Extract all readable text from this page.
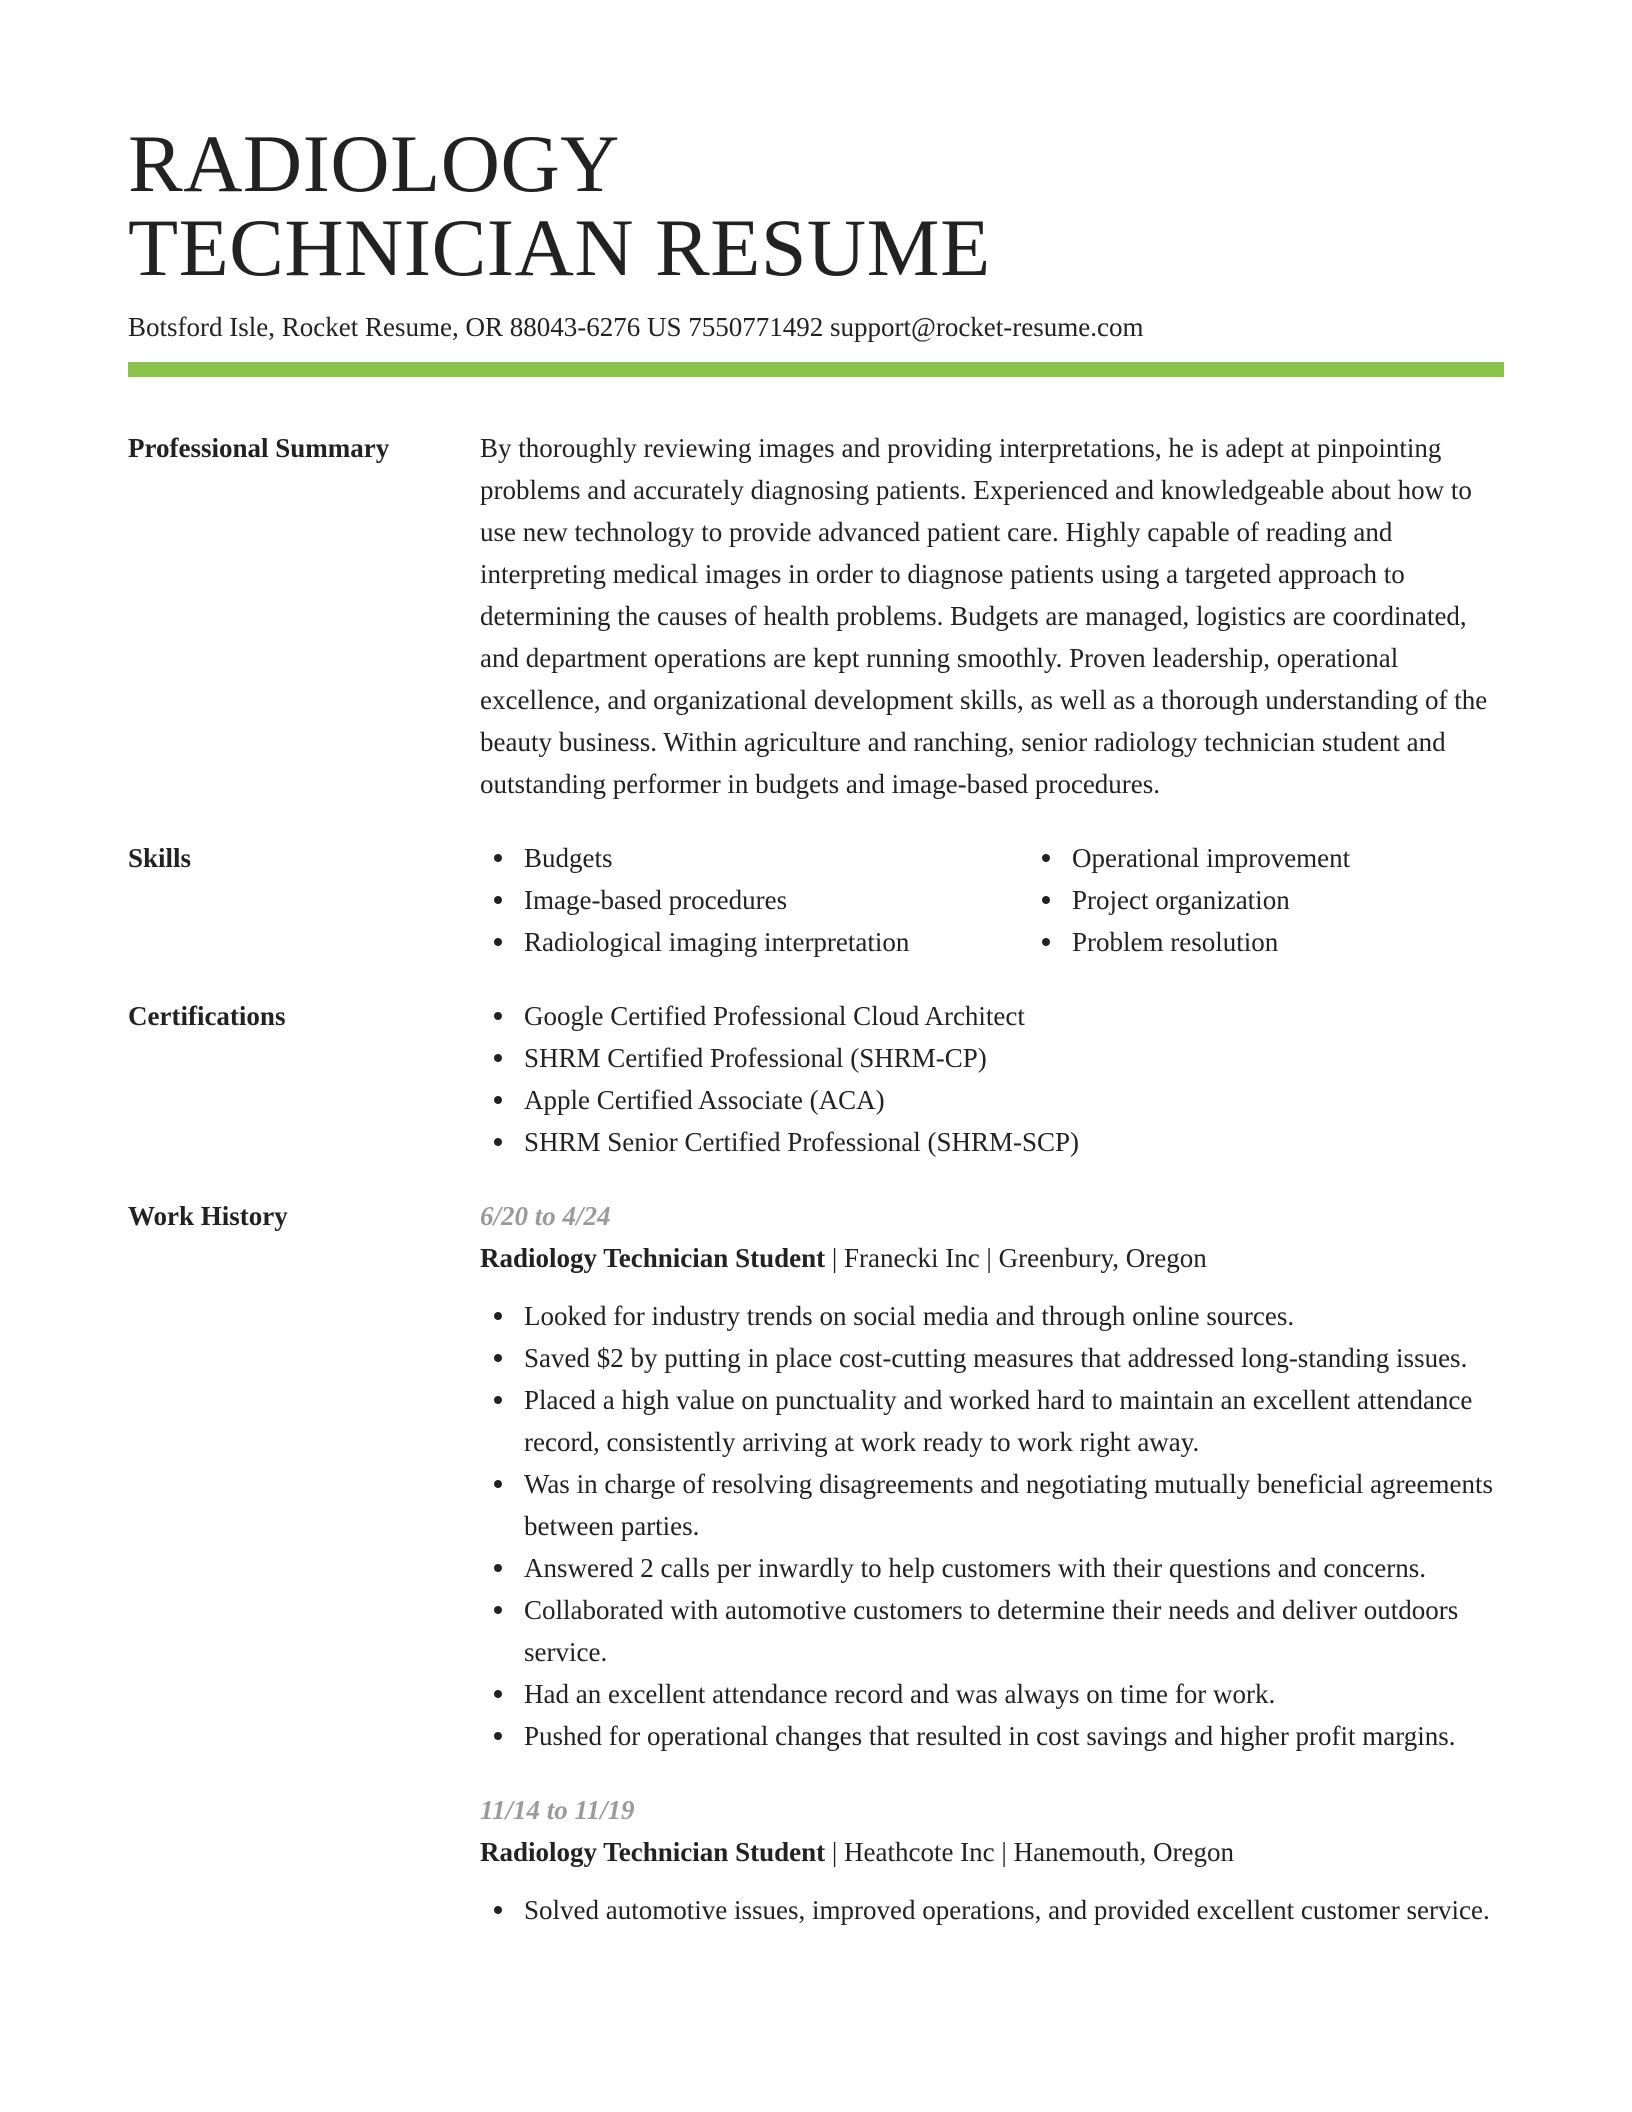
RADIOLOGY
TECHNICIAN RESUME
Botsford Isle, Rocket Resume, OR 88043-6276 US 7550771492 support@rocket-resume.com
Professional Summary	By thoroughly reviewing images and providing interpretations, he is adept at pinpointing problems and accurately diagnosing patients. Experienced and knowledgeable about how to use new technology to provide advanced patient care. Highly capable of reading and interpreting medical images in order to diagnose patients using a targeted approach to determining the causes of health problems. Budgets are managed, logistics are coordinated, and department operations are kept running smoothly. Proven leadership, operational excellence, and organizational development skills, as well as a thorough understanding of the beauty business. Within agriculture and ranching, senior radiology technician student and outstanding performer in budgets and image-based procedures.

Skills	Budgets
Image-based procedures
Radiological imaging interpretation
Operational improvement
Project organization
Problem resolution
Certifications	Google Certified Professional Cloud Architect
SHRM Certified Professional (SHRM-CP)
Apple Certified Associate (ACA)
SHRM Senior Certified Professional (SHRM-SCP)
Work History	6/20 to 4/24
Radiology Technician Student | Franecki Inc | Greenbury, Oregon
Looked for industry trends on social media and through online sources.
Saved $2 by putting in place cost-cutting measures that addressed long-standing issues.
Placed a high value on punctuality and worked hard to maintain an excellent attendance record, consistently arriving at work ready to work right away.
Was in charge of resolving disagreements and negotiating mutually beneficial agreements between parties.
Answered 2 calls per inwardly to help customers with their questions and concerns.
Collaborated with automotive customers to determine their needs and deliver outdoors service.
Had an excellent attendance record and was always on time for work.
Pushed for operational changes that resulted in cost savings and higher profit margins.
11/14 to 11/19
Radiology Technician Student | Heathcote Inc | Hanemouth, Oregon
Solved automotive issues, improved operations, and provided excellent customer service.
